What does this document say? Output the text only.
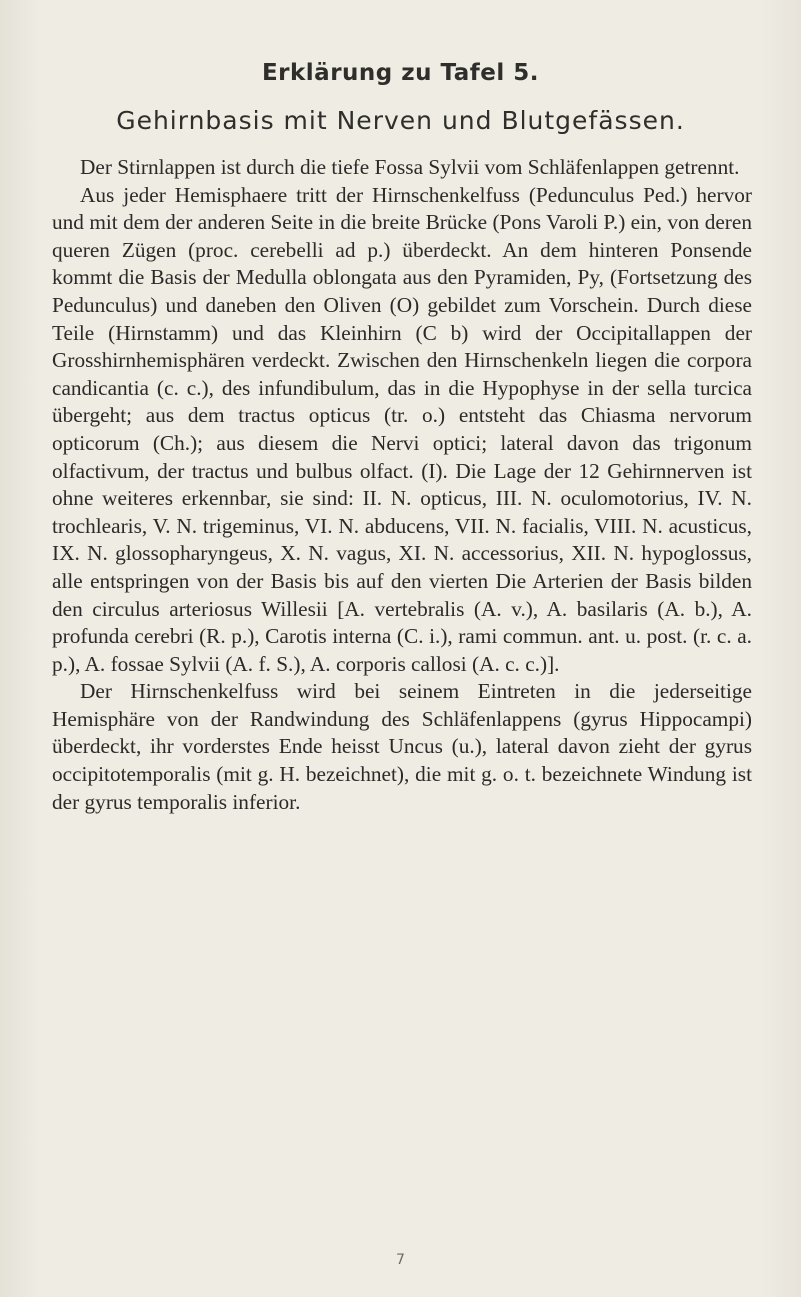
Erklärung zu Tafel 5.
Gehirnbasis mit Nerven und Blutgefässen.

Der Stirnlappen ist durch die tiefe Fossa Sylvii vom Schläfenlappen getrennt.

Aus jeder Hemisphaere tritt der Hirnschenkelfuss (Pedunculus Ped.) hervor und mit dem der anderen Seite in die breite Brücke (Pons Varoli P.) ein, von deren queren Zügen (proc. cerebelli ad p.) überdeckt. An dem hinteren Ponsende kommt die Basis der Medulla oblongata aus den Pyramiden, Py, (Fortsetzung des Pedunculus) und daneben den Oliven (O) gebildet zum Vorschein. Durch diese Teile (Hirnstamm) und das Kleinhirn (C b) wird der Occipitallappen der Grosshirnhemisphären verdeckt. Zwischen den Hirnschenkeln liegen die corpora candicantia (c. c.), des infundibulum, das in die Hypophyse in der sella turcica übergeht; aus dem tractus opticus (tr. o.) entsteht das Chiasma nervorum opticorum (Ch.); aus diesem die Nervi optici; lateral davon das trigonum olfactivum, der tractus und bulbus olfact. (I). Die Lage der 12 Gehirnnerven ist ohne weiteres erkennbar, sie sind: II. N. opticus, III. N. oculomotorius, IV. N. trochlearis, V. N. trigeminus, VI. N. abducens, VII. N. facialis, VIII. N. acusticus, IX. N. glossopharyngeus, X. N. vagus, XI. N. accessorius, XII. N. hypoglossus, alle entspringen von der Basis bis auf den vierten Die Arterien der Basis bilden den circulus arteriosus Willesii [A. vertebralis (A. v.), A. basilaris (A. b.), A. profunda cerebri (R. p.), Carotis interna (C. i.), rami commun. ant. u. post. (r. c. a. p.), A. fossae Sylvii (A. f. S.), A. corporis callosi (A. c. c.)].

Der Hirnschenkelfuss wird bei seinem Eintreten in die jederseitige Hemisphäre von der Randwindung des Schläfenlappens (gyrus Hippocampi) überdeckt, ihr vorderstes Ende heisst Uncus (u.), lateral davon zieht der gyrus occipitotemporalis (mit g. H. bezeichnet), die mit g. o. t. bezeichnete Windung ist der gyrus temporalis inferior.

7
